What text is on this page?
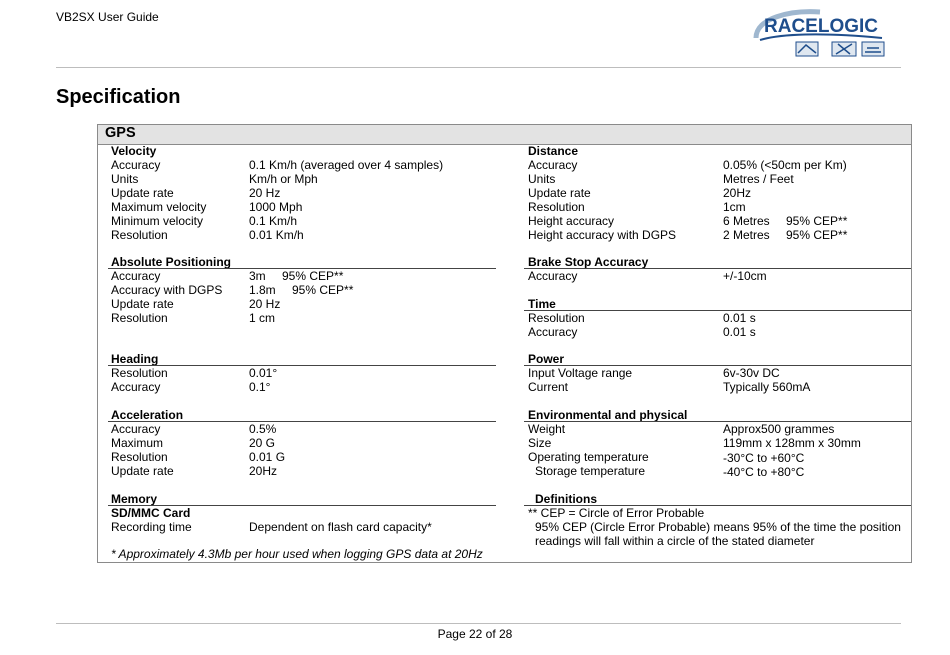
VB2SX User Guide	RACELOGIC
Specification
GPS
Velocity
Accuracy	0.1 Km/h (averaged over 4 samples)
Units	Km/h or Mph
Update rate	20 Hz
Maximum velocity	1000 Mph
Minimum velocity	0.1 Km/h
Resolution	0.01 Km/h
Absolute Positioning
Accuracy	3m 95% CEP**
Accuracy with DGPS 1.8m 95% CEP**
Update rate	20 Hz
Resolution	1 cm
Heading
Resolution	0.01°
Accuracy	0.1°
Acceleration
Accuracy	0.5%
Maximum	20 G
Resolution	0.01 G
Update rate	20Hz
Memory
SD/MMC Card
Recording time	Dependent on flash card capacity*
* Approximately 4.3Mb per hour used when logging GPS data at 20Hz
Distance
Accuracy	0.05% (<50cm per Km)
Units	Metres / Feet
Update rate	20Hz
Resolution	1cm
Height accuracy	6 Metres 95% CEP**
Height accuracy with DGPS	2 Metres 95% CEP**
Brake Stop Accuracy
Accuracy	+/-10cm
Time
Resolution	0.01 s
Accuracy	0.01 s
Power
Input Voltage range	6v-30v DC
Current	Typically 560mA
Environmental and physical
Weight	Approx500 grammes
Size	119mm x 128mm x 30mm
Operating temperature	-30°C to +60°C
Storage temperature	-40°C to +80°C
Definitions
** CEP = Circle of Error Probable
95% CEP (Circle Error Probable) means 95% of the time the position
readings will fall within a circle of the stated diameter
Page 22 of 28
